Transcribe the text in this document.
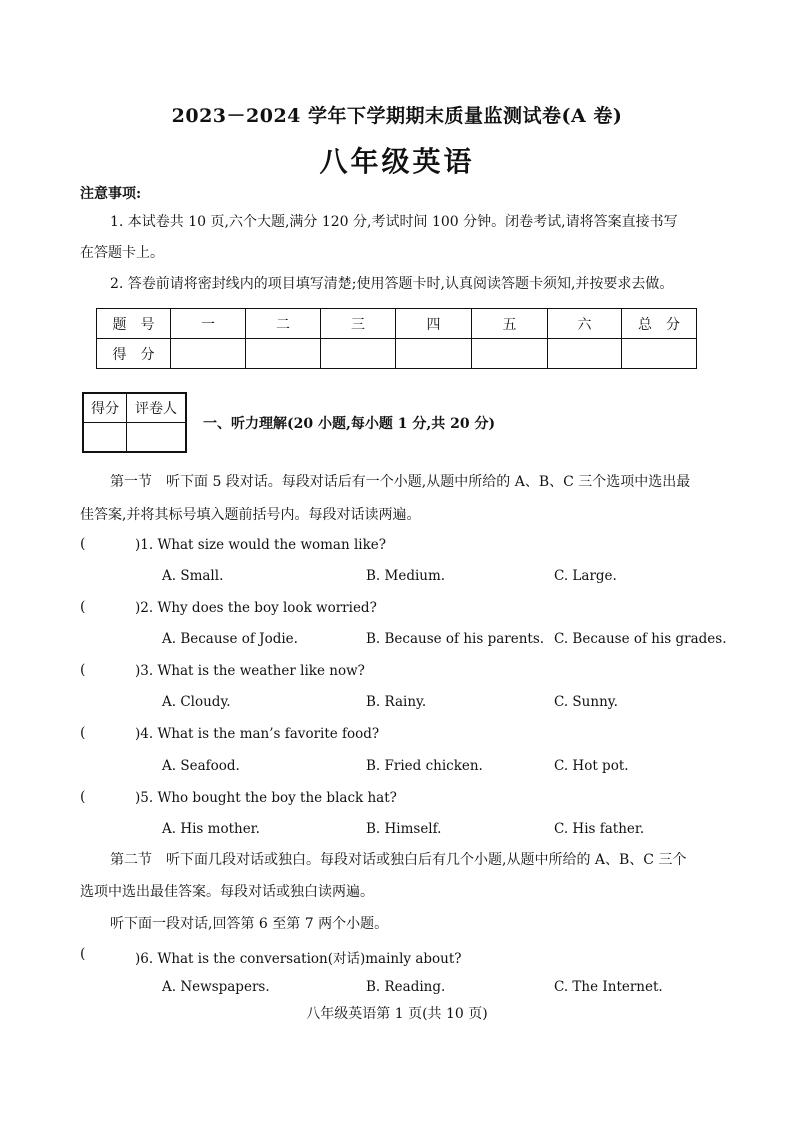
2023－2024 学年下学期期末质量监测试卷(A 卷)
八年级英语
注意事项:
1. 本试卷共 10 页,六个大题,满分 120 分,考试时间 100 分钟。闭卷考试,请将答案直接书写
在答题卡上。
2. 答卷前请将密封线内的项目填写清楚;使用答题卡时,认真阅读答题卡须知,并按要求去做。
题　号	一	二	三	四	五	六	总　分
得　分							
得分	评卷人

一、听力理解(20 小题,每小题 1 分,共 20 分)
第一节　听下面 5 段对话。每段对话后有一个小题,从题中所给的 A、B、C 三个选项中选出最
佳答案,并将其标号填入题前括号内。每段对话读两遍。
(	)1. What size would the woman like?
A. Small.	B. Medium.	C. Large.
(	)2. Why does the boy look worried?
A. Because of Jodie.	B. Because of his parents. C. Because of his grades.
(	)3. What is the weather like now?
A. Cloudy.	B. Rainy.	C. Sunny.
(	)4. What is the man’s favorite food?
A. Seafood.	B. Fried chicken.	C. Hot pot.
(	)5. Who bought the boy the black hat?
A. His mother.	B. Himself.	C. His father.
第二节　听下面几段对话或独白。每段对话或独白后有几个小题,从题中所给的 A、B、C 三个
选项中选出最佳答案。每段对话或独白读两遍。
听下面一段对话,回答第 6 至第 7 两个小题。
(	)6. What is the conversation(对话)mainly about?
A. Newspapers.	B. Reading.	C. The Internet.
八年级英语第 1 页(共 10 页)
